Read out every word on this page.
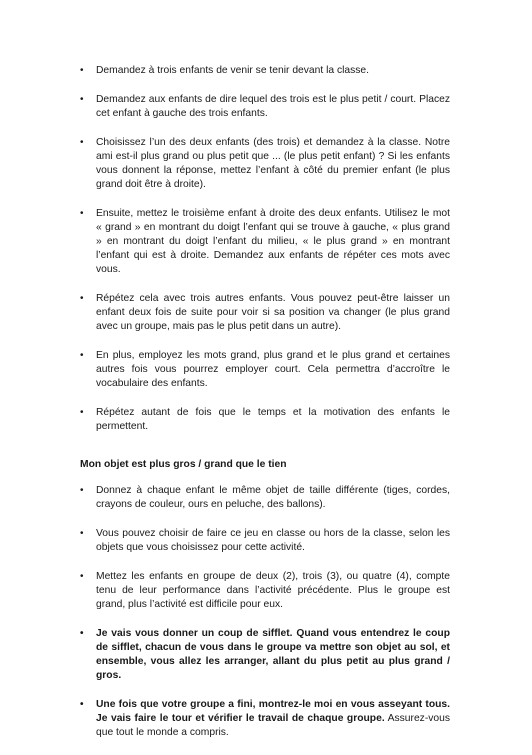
• Demandez à trois enfants de venir se tenir devant la classe.
• Demandez aux enfants de dire lequel des trois est le plus petit / court. Placez cet enfant à gauche des trois enfants.
• Choisissez l’un des deux enfants (des trois) et demandez à la classe. Notre ami est-il plus grand ou plus petit que ... (le plus petit enfant) ? Si les enfants vous donnent la réponse, mettez l’enfant à côté du premier enfant (le plus grand doit être à droite).
• Ensuite, mettez le troisième enfant à droite des deux enfants. Utilisez le mot « grand » en montrant du doigt l’enfant qui se trouve à gauche, « plus grand » en montrant du doigt l’enfant du milieu, « le plus grand » en montrant l’enfant qui est à droite. Demandez aux enfants de répéter ces mots avec vous.
• Répétez cela avec trois autres enfants. Vous pouvez peut-être laisser un enfant deux fois de suite pour voir si sa position va changer (le plus grand avec un groupe, mais pas le plus petit dans un autre).
• En plus, employez les mots grand, plus grand et le plus grand et certaines autres fois vous pourrez employer court. Cela permettra d’accroître le vocabulaire des enfants.
• Répétez autant de fois que le temps et la motivation des enfants le permettent.
Mon objet est plus gros / grand que le tien
• Donnez à chaque enfant le même objet de taille différente (tiges, cordes, crayons de couleur, ours en peluche, des ballons).
• Vous pouvez choisir de faire ce jeu en classe ou hors de la classe, selon les objets que vous choisissez pour cette activité.
• Mettez les enfants en groupe de deux (2), trois (3), ou quatre (4), compte tenu de leur performance dans l’activité précédente. Plus le groupe est grand, plus l’activité est difficile pour eux.
• Je vais vous donner un coup de sifflet. Quand vous entendrez le coup de sifflet, chacun de vous dans le groupe va mettre son objet au sol, et ensemble, vous allez les arranger, allant du plus petit au plus grand / gros.
• Une fois que votre groupe a fini, montrez-le moi en vous asseyant tous. Je vais faire le tour et vérifier le travail de chaque groupe. Assurez-vous que tout le monde a compris.
